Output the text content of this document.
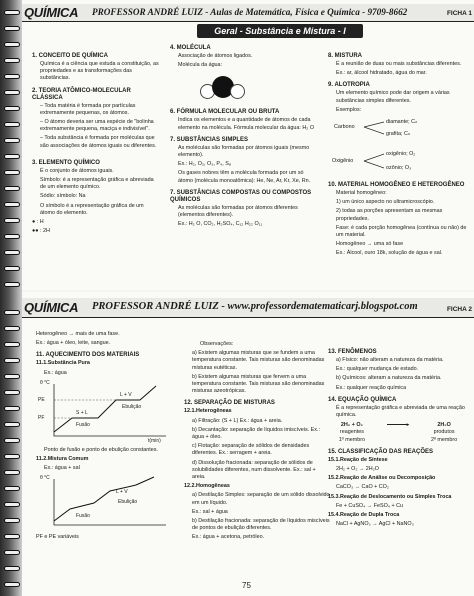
QUÍMICA PROFESSOR ANDRÉ LUIZ - Aulas de Matemática, Física e Química - 9709-8662	FICHA 1
Geral - Substância e Mistura - I
1. CONCEITO DE QUÍMICA

Química é a ciência que estuda a constituição, as propriedades e as transformações das substâncias.

2. TEORIA ATÔMICO-MOLECULAR CLÁSSICA

– Toda matéria é formada por partículas extremamente pequenas, os átomos.

– O átomo deveria ser uma espécie de "bolinha extremamente pequena, maciça e indivisível".

– Toda substância é formada por moléculas que são associações de átomos iguais ou diferentes.

3. ELEMENTO QUÍMICO

É o conjunto de átomos iguais.

Símbolo: é a representação gráfica e abreviada de um elemento químico.

Sódio: símbolo: Na

O símbolo é a representação gráfica de um átomo do elemento.

● : H

●● : 2H

4. MOLÉCULA

Associação de átomos ligados.

Molécula da água:

6. FÓRMULA MOLECULAR OU BRUTA

Indica os elementos e a quantidade de átomos de cada elemento na molécula. Fórmula molecular da água: H₂ O

7. SUBSTÂNCIAS SIMPLES

As moléculas são formadas por átomos iguais (mesmo elemento).

Ex.: H₂, O₂, O₃, P₄, S₈

Os gases nobres têm a molécula formada por um só átomo (molécula monoatômica): He, Ne, Ar, Kr, Xe, Rn.

7. SUBSTÂNCIAS COMPOSTAS OU COMPOSTOS QUÍMICOS

As moléculas são formadas por átomos diferentes (elementos diferentes).

Ex.: H₂ O, CO₂, H₂SO₄, C₁₂ H₂₂ O₁₁

8. MISTURA

É a reunião de duas ou mais substâncias diferentes.

Ex.: ar, álcool hidratado, água do mar.

9. ALOTROPIA

Um elemento químico pode dar origem a várias substâncias simples diferentes.

Exemplos:

Carbono
diamante; Cₙ
grafita; Cₙ
Oxigênio
oxigênio; O₂
ozônio; O₃
10. MATERIAL HOMOGÊNEO E HETEROGÊNEO

Material homogêneo:

1) um único aspecto no ultramicroscópio.

2) todas as porções apresentam as mesmas propriedades.

Fase: é cada porção homogênea (contínua ou não) de um material.

Homogêneo → uma só fase

Ex.: Álcool, ouro 18k, solução de água e sal.

QUÍMICA PROFESSOR ANDRÉ LUIZ - www.professordematematicarj.blogspot.com	FICHA 2

Heterogêneo → mais de uma fase.

Ex.: água + óleo, leite, sangue.

11. AQUECIMENTO DOS MATERIAIS

11.1.Substância Pura

Ex.: água

θ °C
PE
PF
L + V
Ebulição
S + L
Fusão
t(min)

Ponto de fusão e ponto de ebulição constantes.

11.2.Mistura Comum

Ex.: água + sal

θ °C
L + V
Ebulição
Fusão

PF e PE variáveis

Observações:

a) Existem algumas misturas que se fundem a uma temperatura constante. Tais misturas são denominadas misturas eutéticas.

b) Existem algumas misturas que fervem a uma temperatura constante. Tais misturas são denominadas misturas azeotrópicas.

12. SEPARAÇÃO DE MISTURAS

12.1.Heterogêneas

a) Filtração: (S + L) Ex.: água + areia.

b) Decantação: separação de líquidos imiscíveis. Ex.: água + óleo.

c) Flotação: separação de sólidos de densidades diferentes. Ex.: serragem + areia.

d) Dissolução fracionada: separação de sólidos de solubilidades diferentes, num dissolvente. Ex.: sal + areia.

12.2.Homogêneas

a) Destilação Simples: separação de um sólido dissolvido em um líquido.

Ex.: sal + água

b) Destilação fracionada: separação de líquidos miscíveis de pontos de ebulição diferentes.

Ex.: água + acetona, petróleo.

13. FENÔMENOS

a) Físico: não alteram a natureza da matéria.

Ex.: qualquer mudança de estado.

b) Químicos: alteram a natureza da matéria.

Ex.: qualquer reação química

14. EQUAÇÃO QUÍMICA

É a representação gráfica e abreviada de uma reação química.

2H₂ + O₂
reagentes
1º membro
▸	2H₂O
produtos
2º membro
15. CLASSIFICAÇÃO DAS REAÇÕES

15.1.Reação de Síntese

2H₂ + O₂ → 2H₂O

15.2.Reação de Análise ou Decomposição

CaCO₃ → CaO + CO₂

15.3.Reação de Deslocamento ou Simples Troca

Fe + CuSO₄ → FeSO₄ + Cu

15.4.Reação de Dupla Troca

NaCl + AgNO₃ → AgCl + NaNO₃

75
